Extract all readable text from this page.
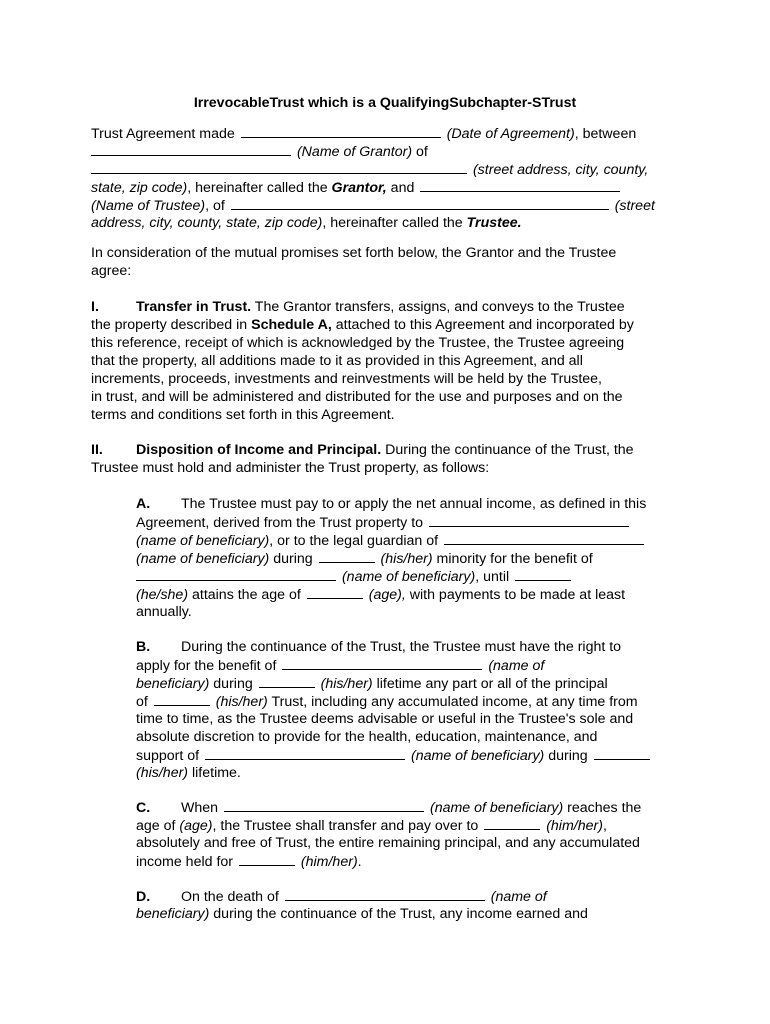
IrrevocableTrust which is a QualifyingSubchapter-STrust
Trust Agreement made	(Date of Agreement), between
(Name of Grantor) of
(street address, city, county,
state, zip code), hereinafter called the Grantor, and
(Name of Trustee), of	(street
address, city, county, state, zip code), hereinafter called the Trustee.
In consideration of the mutual promises set forth below, the Grantor and the Trustee
agree:
I.	Transfer in Trust. The Grantor transfers, assigns, and conveys to the Trustee
the property described in Schedule A, attached to this Agreement and incorporated by
this reference, receipt of which is acknowledged by the Trustee, the Trustee agreeing
that the property, all additions made to it as provided in this Agreement, and all
increments, proceeds, investments and reinvestments will be held by the Trustee,
in trust, and will be administered and distributed for the use and purposes and on the
terms and conditions set forth in this Agreement.
II. Disposition of Income and Principal. During the continuance of the Trust, the
Trustee must hold and administer the Trust property, as follows:
A. The Trustee must pay to or apply the net annual income, as defined in this
Agreement, derived from the Trust property to
(name of beneficiary), or to the legal guardian of
(name of beneficiary) during	(his/her) minority for the benefit of
(name of beneficiary), until
(he/she) attains the age of	(age), with payments to be made at least
annually.
B. During the continuance of the Trust, the Trustee must have the right to
apply for the benefit of	(name of
beneficiary) during	(his/her) lifetime any part or all of the principal
of	(his/her) Trust, including any accumulated income, at any time from
time to time, as the Trustee deems advisable or useful in the Trustee's sole and
absolute discretion to provide for the health, education, maintenance, and
support of	(name of beneficiary) during
(his/her) lifetime.
C. When	(name of beneficiary) reaches the
age of (age), the Trustee shall transfer and pay over to	(him/her),
absolutely and free of Trust, the entire remaining principal, and any accumulated
income held for	(him/her).
D. On the death of	(name of
beneficiary) during the continuance of the Trust, any income earned and
